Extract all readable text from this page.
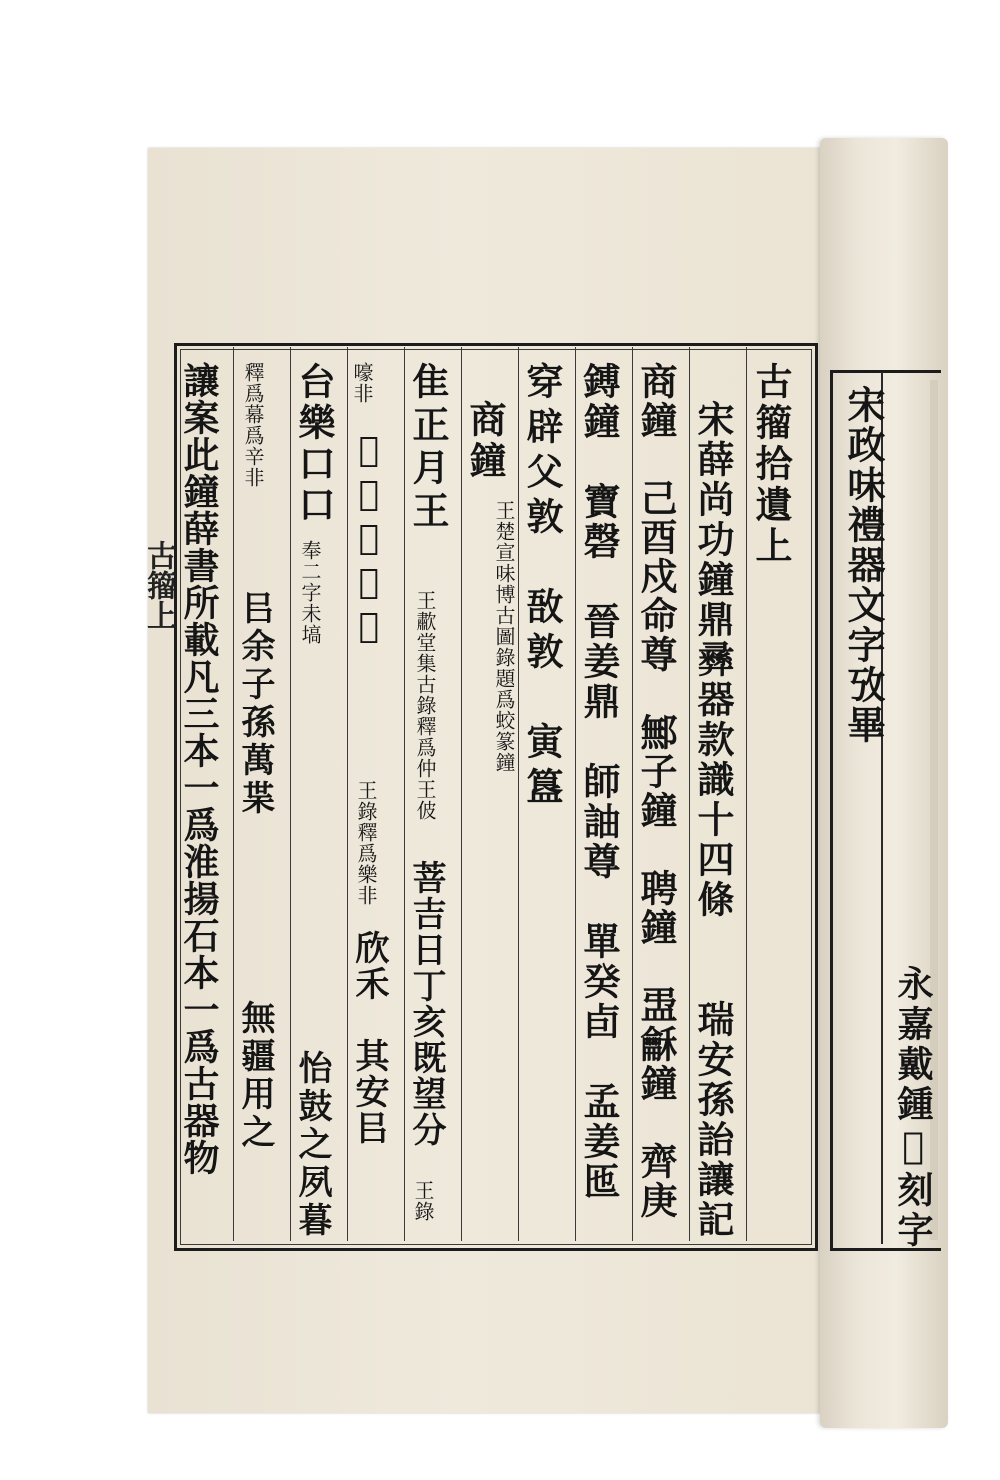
宋政味禮器文字攷畢
永嘉戴鍾𫆉刻字
古籀拾遺上
宋薛尚功鐘鼎彞器款識十四條　　瑞安孫詒讓記
商鐘　己酉戍命尊　鄦子鐘　聘鐘　盄龢鐘　齊庚
鎛鐘　寶磬　晉姜鼎　師䛆尊　單癸卣　孟姜匜
穿辟父敦　敔敦　寅簋
商鐘
王楚宣味博古圖錄題爲蛟篆鐘
隹正月王
王歗堂集古錄釋爲仲王佊
菩吉日丁亥既望分
王錄
嚎非
𤊸乃吉金自
王錄釋爲樂非
欣禾　其安㠯
台樂口口
奉二字未塙
怡鼓之夙暮
釋爲幕爲辛非
㠯余子孫萬枼
無疆用之
讓案此鐘薛書所載凡三本一爲淮揚石本一爲古器物
古籀上
